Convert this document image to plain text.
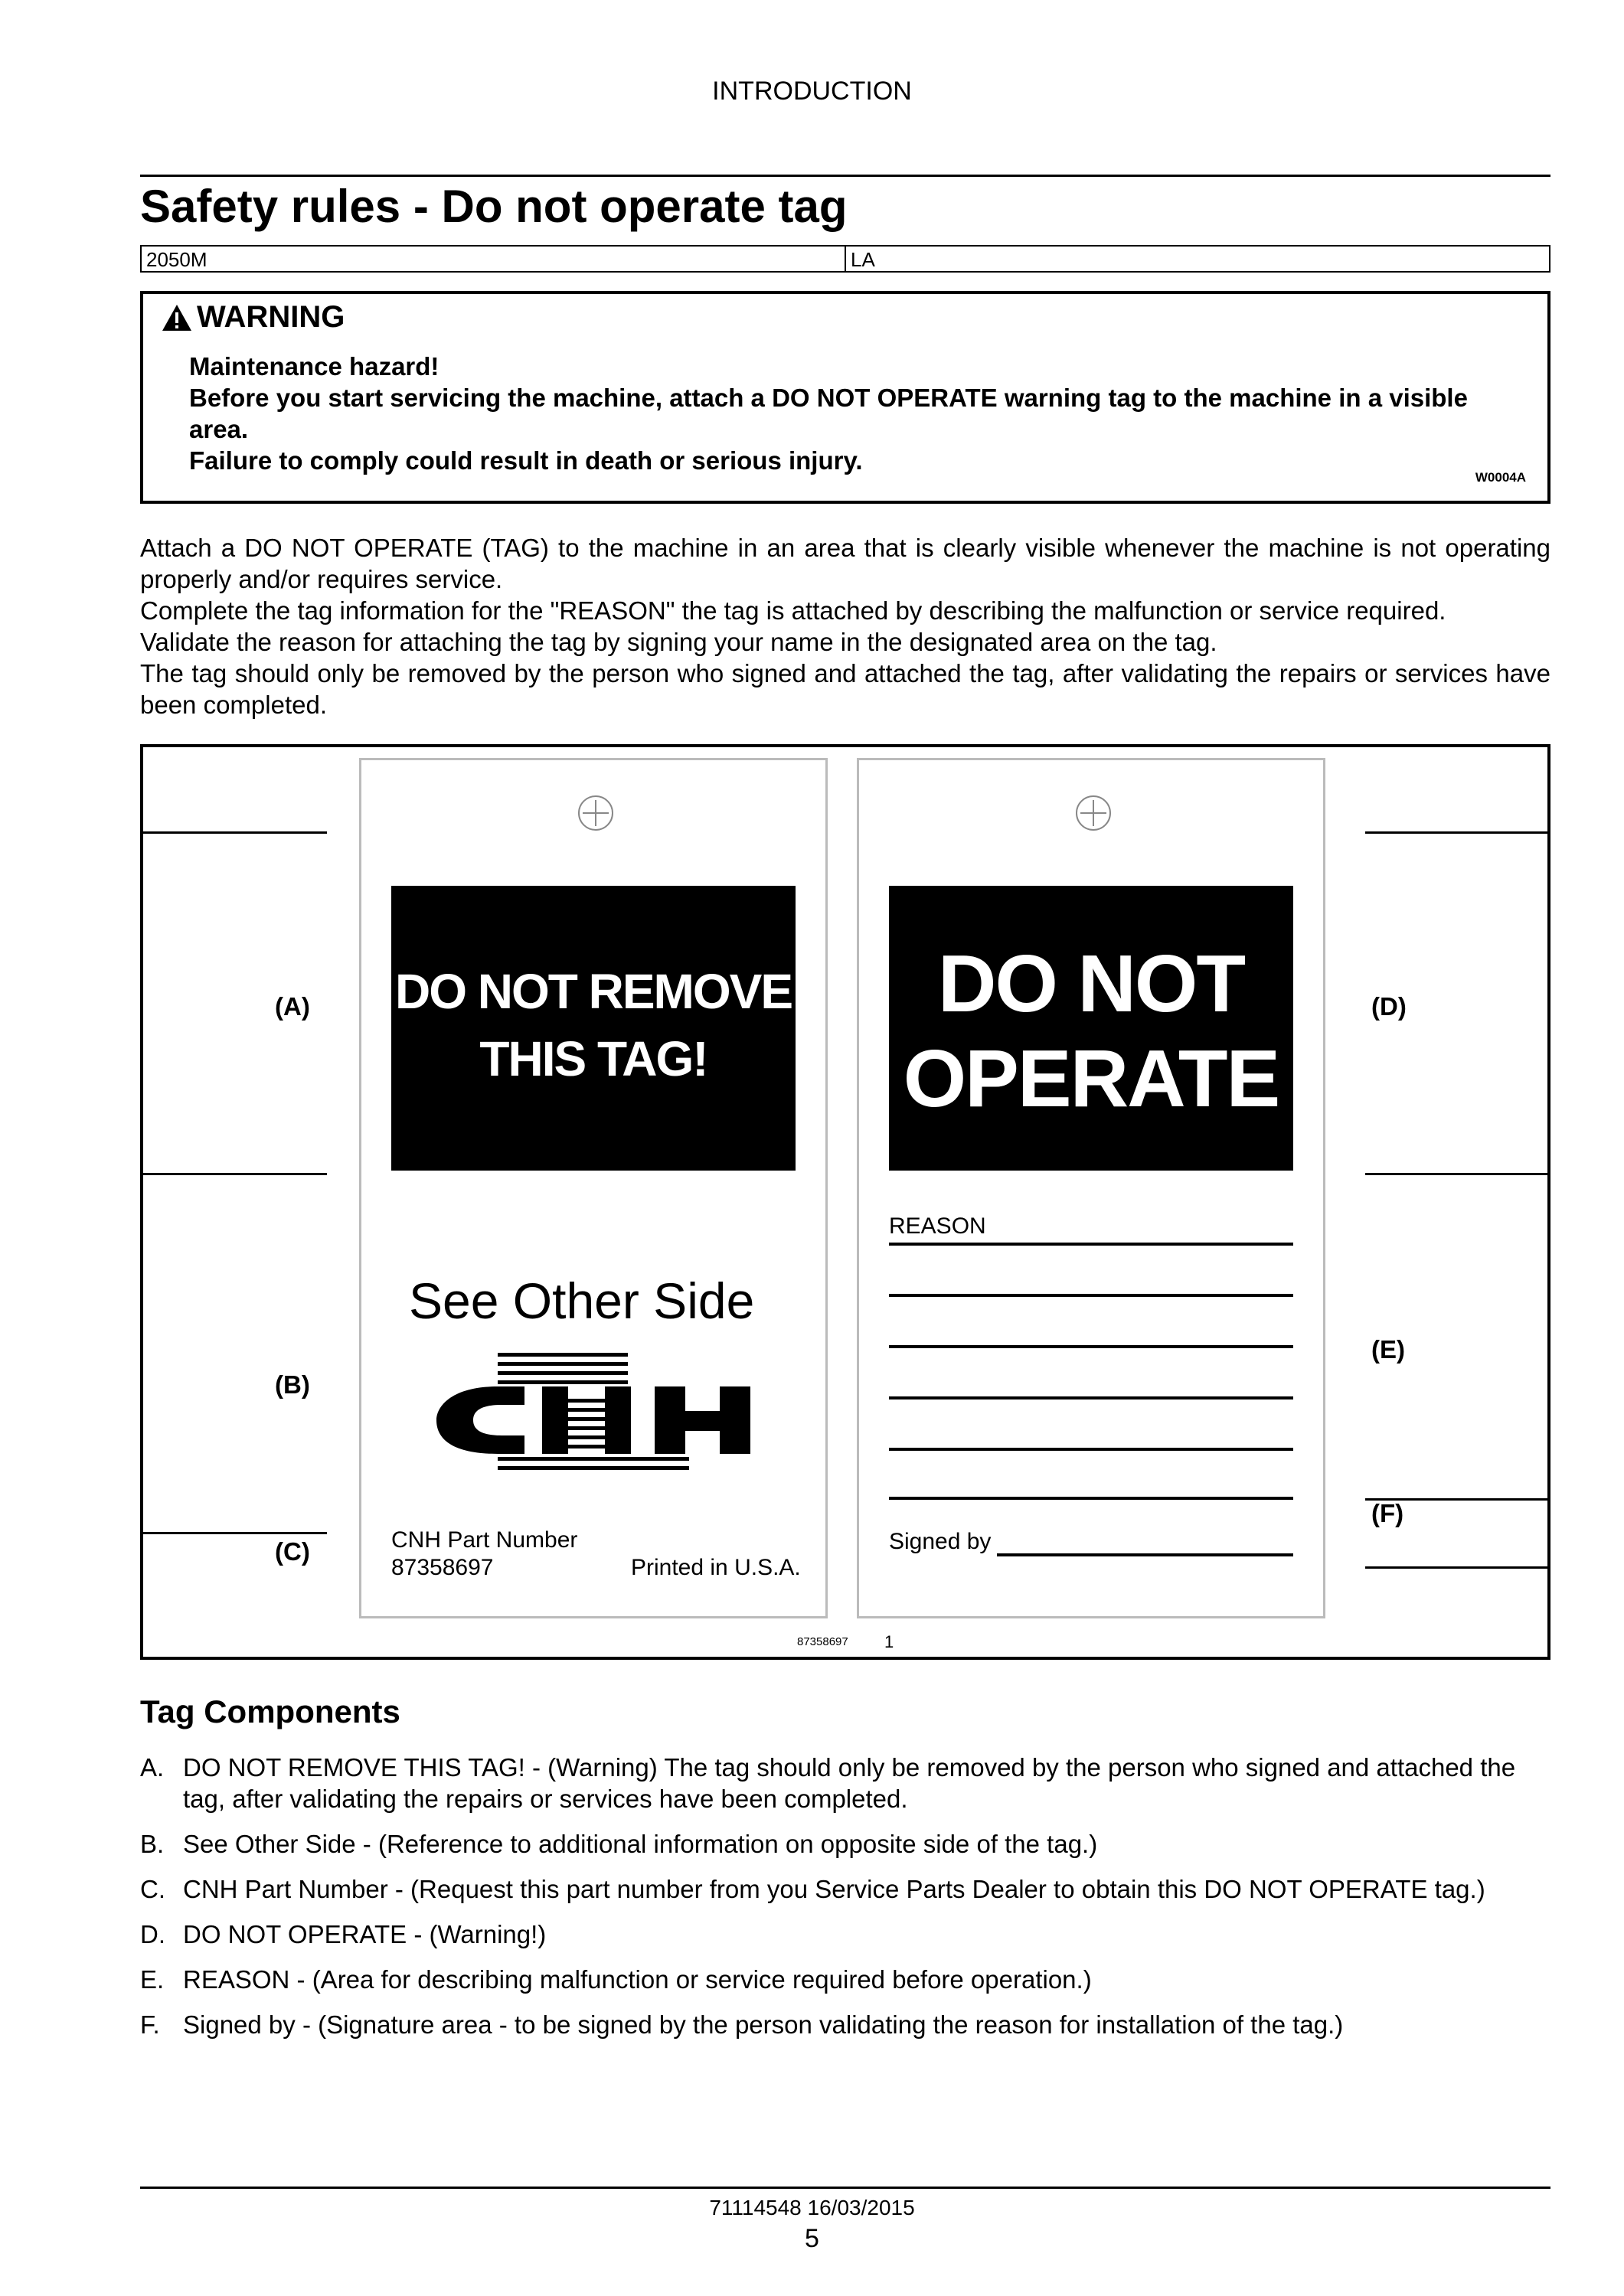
INTRODUCTION
Safety rules - Do not operate tag
2050M	LA
WARNING
Maintenance hazard!
Before you start servicing the machine, attach a DO NOT OPERATE warning tag to the machine in a visible area.
Failure to comply could result in death or serious injury.
W0004A

Attach a DO NOT OPERATE (TAG) to the machine in an area that is clearly visible whenever the machine is not operating properly and/or requires service.

Complete the tag information for the "REASON" the tag is attached by describing the malfunction or service required.

Validate the reason for attaching the tag by signing your name in the designated area on the tag.

The tag should only be removed by the person who signed and attached the tag, after validating the repairs or services have been completed.

(A)
(B)
(C)
(D)
(E)
(F)
DO NOT REMOVE
THIS TAG!
See Other Side
CNH Part Number
87358697	Printed in U.S.A.
DO NOT
OPERATE
REASON
Signed by
87358697 1
Tag Components
A. DO NOT REMOVE THIS TAG! - (Warning) The tag should only be removed by the person who signed and attached the tag, after validating the repairs or services have been completed.
B. See Other Side - (Reference to additional information on opposite side of the tag.)
C. CNH Part Number - (Request this part number from you Service Parts Dealer to obtain this DO NOT OPERATE tag.)
D. DO NOT OPERATE - (Warning!)
E. REASON - (Area for describing malfunction or service required before operation.)
F. Signed by - (Signature area - to be signed by the person validating the reason for installation of the tag.)
71114548 16/03/2015
5
